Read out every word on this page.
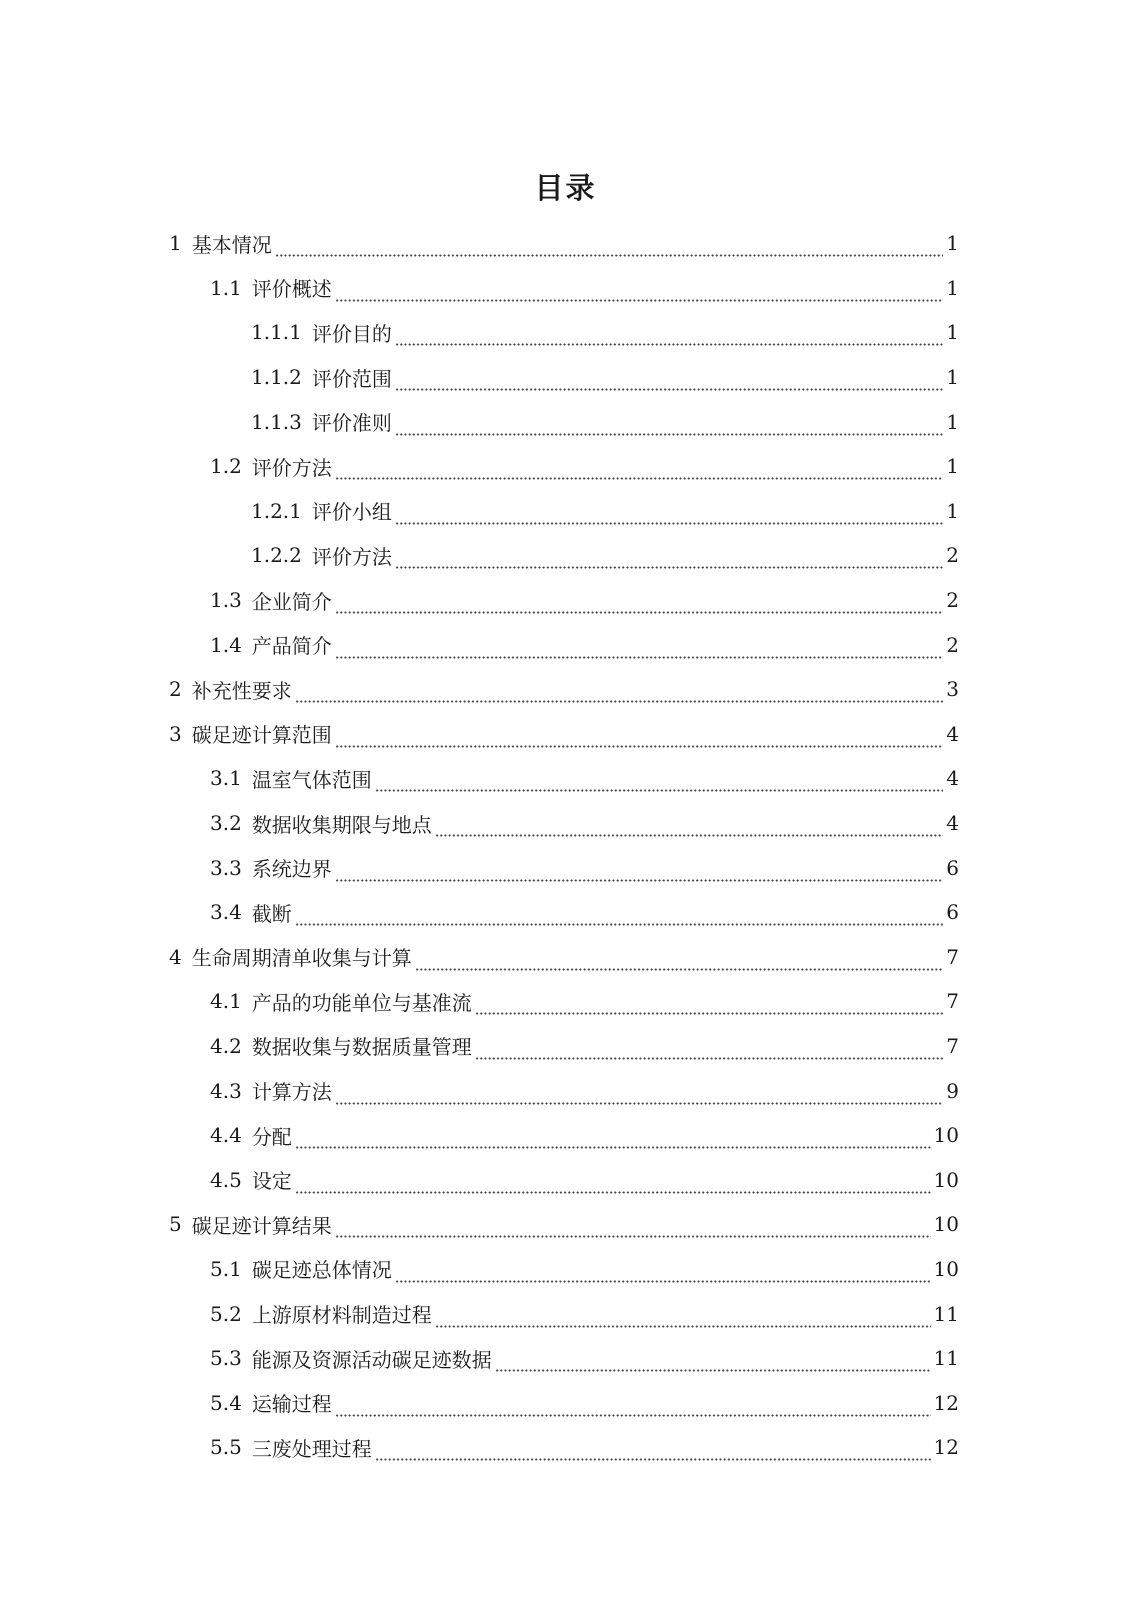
目录
1 基本情况	1
1.1 评价概述	1
1.1.1 评价目的	1
1.1.2 评价范围	1
1.1.3 评价准则	1
1.2 评价方法	1
1.2.1 评价小组	1
1.2.2 评价方法	2
1.3 企业简介	2
1.4 产品简介	2
2 补充性要求	3
3 碳足迹计算范围	4
3.1 温室气体范围	4
3.2 数据收集期限与地点	4
3.3 系统边界	6
3.4 截断	6
4 生命周期清单收集与计算	7
4.1 产品的功能单位与基准流	7
4.2 数据收集与数据质量管理	7
4.3 计算方法	9
4.4 分配	10
4.5 设定	10
5 碳足迹计算结果	10
5.1 碳足迹总体情况	10
5.2 上游原材料制造过程	11
5.3 能源及资源活动碳足迹数据	11
5.4 运输过程	12
5.5 三废处理过程	12
